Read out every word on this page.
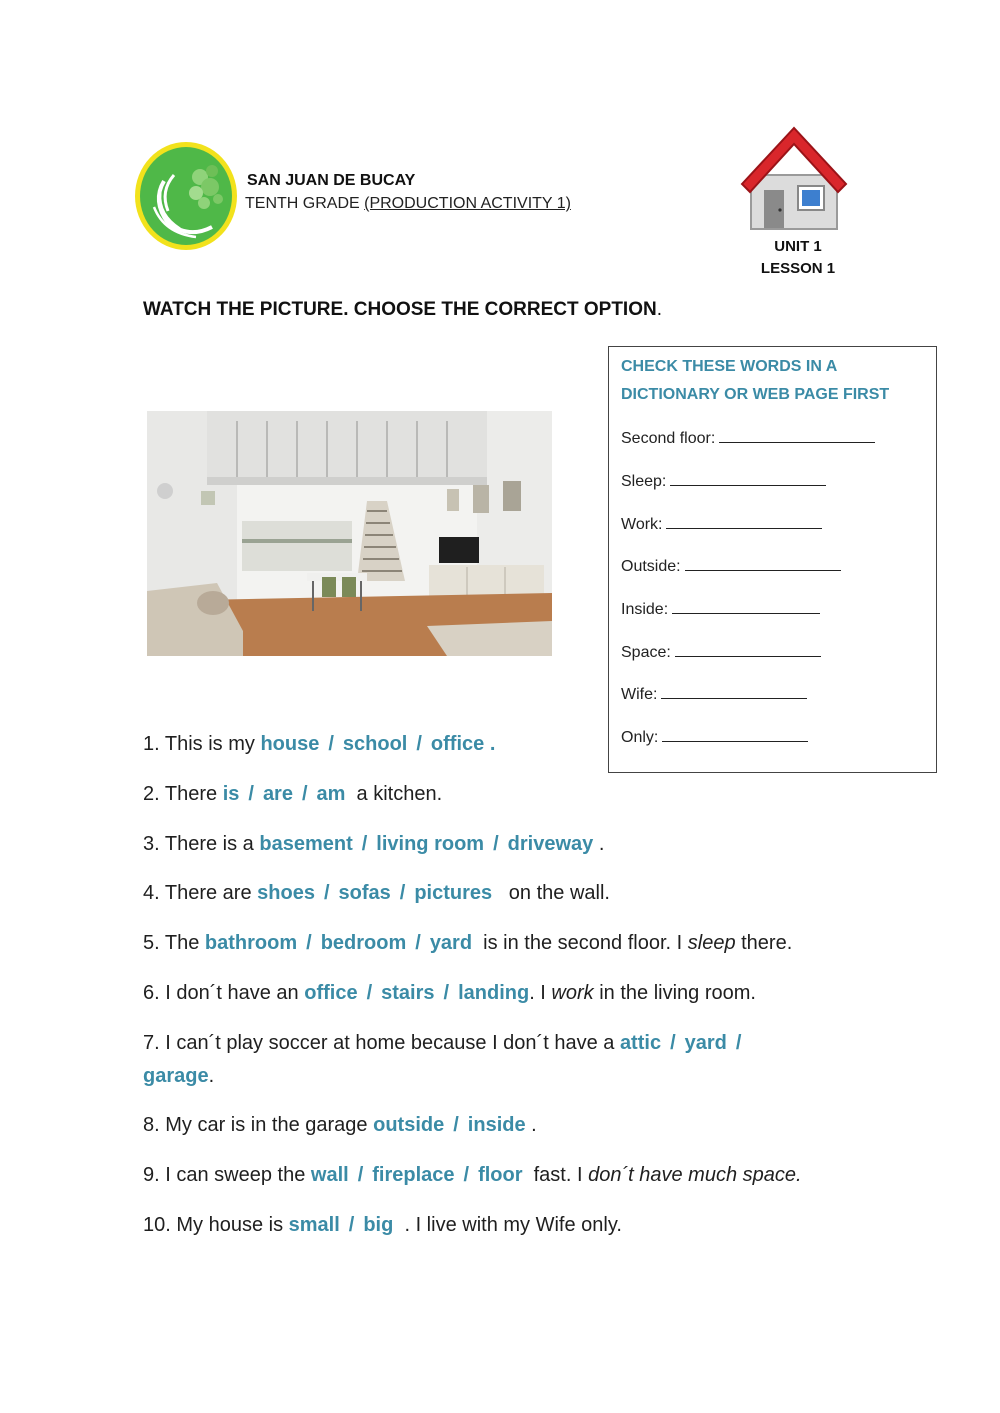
SAN JUAN DE BUCAY
TENTH GRADE (PRODUCTION ACTIVITY 1)
UNIT 1
LESSON 1
WATCH THE PICTURE. CHOOSE THE CORRECT OPTION.
CHECK THESE WORDS IN A
DICTIONARY OR WEB PAGE FIRST
Second floor:
Sleep:
Work:
Outside:
Inside:
Space:
Wife:
Only:
1. This is my house / school / office .
2. There is / are / am  a kitchen.
3. There is a basement / living room / driveway .
4. There are shoes / sofas / pictures   on the wall.
5. The bathroom / bedroom / yard  is in the second floor. I sleep there.
6. I don´t have an office / stairs / landing. I work in the living room.
7. I can´t play soccer at home because I don´t have a attic / yard /
garage.
8. My car is in the garage outside / inside .
9. I can sweep the wall / fireplace / floor  fast. I don´t have much space.
10. My house is small / big  . I live with my Wife only.
